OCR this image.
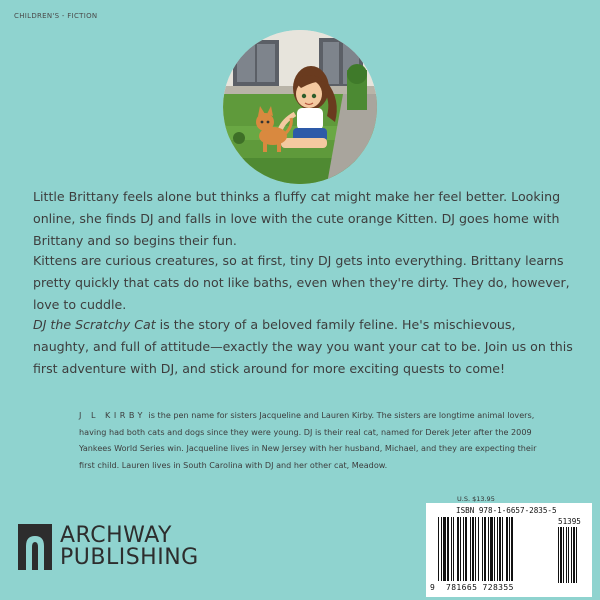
CHILDREN'S - FICTION

Little Brittany feels alone but thinks a fluffy cat might make her feel better. Looking online, she finds DJ and falls in love with the cute orange Kitten. DJ goes home with Brittany and so begins their fun.

Kittens are curious creatures, so at first, tiny DJ gets into everything. Brittany learns pretty quickly that cats do not like baths, even when they're dirty. They do, however, love to cuddle.

DJ the Scratchy Cat is the story of a beloved family feline. He's mischievous, naughty, and full of attitude—exactly the way you want your cat to be. Join us on this first adventure with DJ, and stick around for more exciting quests to come!

J L KIRBY is the pen name for sisters Jacqueline and Lauren Kirby. The sisters are longtime animal lovers, having had both cats and dogs since they were young. DJ is their real cat, named for Derek Jeter after the 2009 Yankees World Series win. Jacqueline lives in New Jersey with her husband, Michael, and they are expecting their first child. Lauren lives in South Carolina with DJ and her other cat, Meadow.

ARCHWAY
PUBLISHING
U.S. $13.95
ISBN 978-1-6657-2835-5
51395
9 781665 728355
